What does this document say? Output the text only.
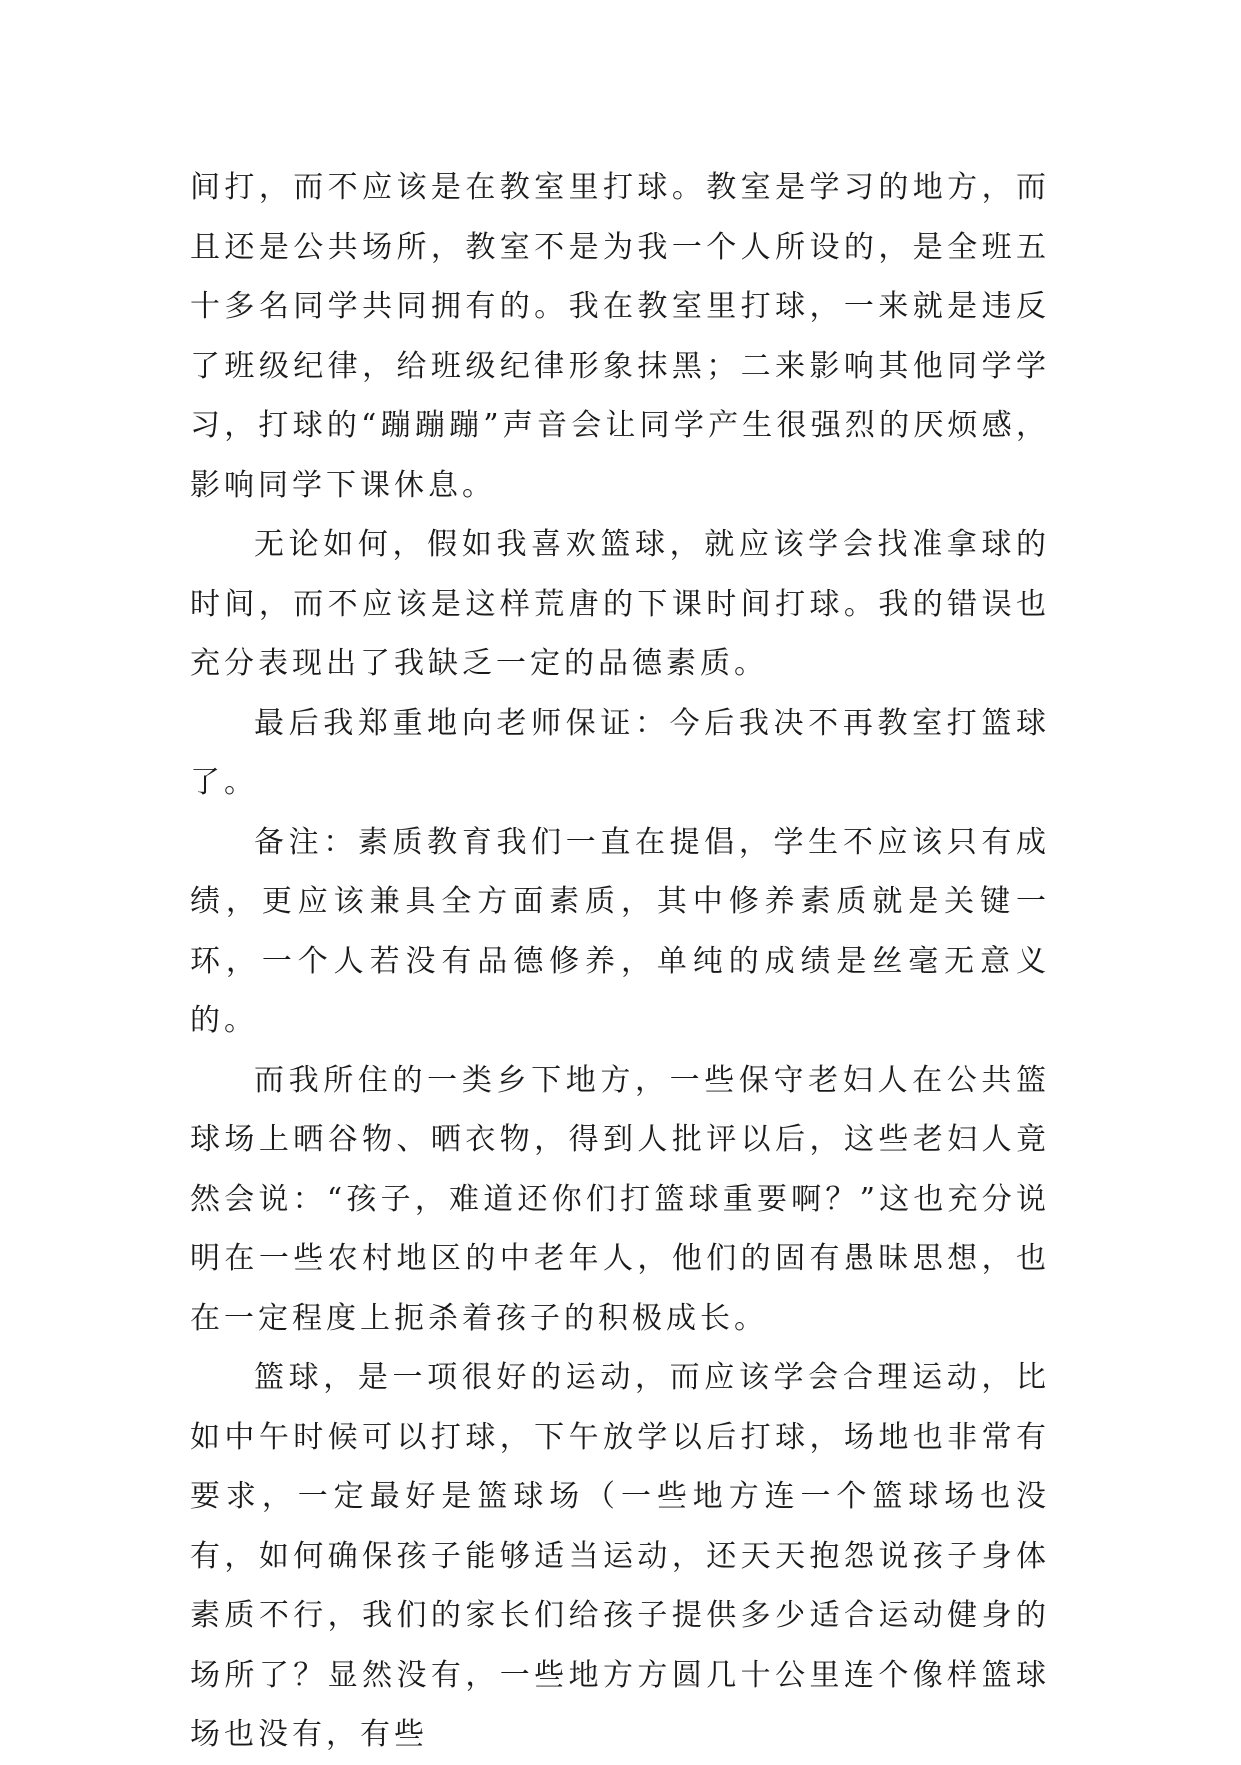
间打，而不应该是在教室里打球。教室是学习的地方，而且还是公共场所，教室不是为我一个人所设的，是全班五十多名同学共同拥有的。我在教室里打球，一来就是违反了班级纪律，给班级纪律形象抹黑；二来影响其他同学学习，打球的“蹦蹦蹦”声音会让同学产生很强烈的厌烦感，影响同学下课休息。

无论如何，假如我喜欢篮球，就应该学会找准拿球的时间，而不应该是这样荒唐的下课时间打球。我的错误也充分表现出了我缺乏一定的品德素质。

最后我郑重地向老师保证：今后我决不再教室打篮球了。

备注：素质教育我们一直在提倡，学生不应该只有成绩，更应该兼具全方面素质，其中修养素质就是关键一环，一个人若没有品德修养，单纯的成绩是丝毫无意义的。

而我所住的一类乡下地方，一些保守老妇人在公共篮球场上晒谷物、晒衣物，得到人批评以后，这些老妇人竟然会说：“孩子，难道还你们打篮球重要啊？”这也充分说明在一些农村地区的中老年人，他们的固有愚昧思想，也在一定程度上扼杀着孩子的积极成长。

篮球，是一项很好的运动，而应该学会合理运动，比如中午时候可以打球，下午放学以后打球，场地也非常有要求，一定最好是篮球场（一些地方连一个篮球场也没有，如何确保孩子能够适当运动，还天天抱怨说孩子身体素质不行，我们的家长们给孩子提供多少适合运动健身的场所了？显然没有，一些地方方圆几十公里连个像样篮球场也没有，有些
